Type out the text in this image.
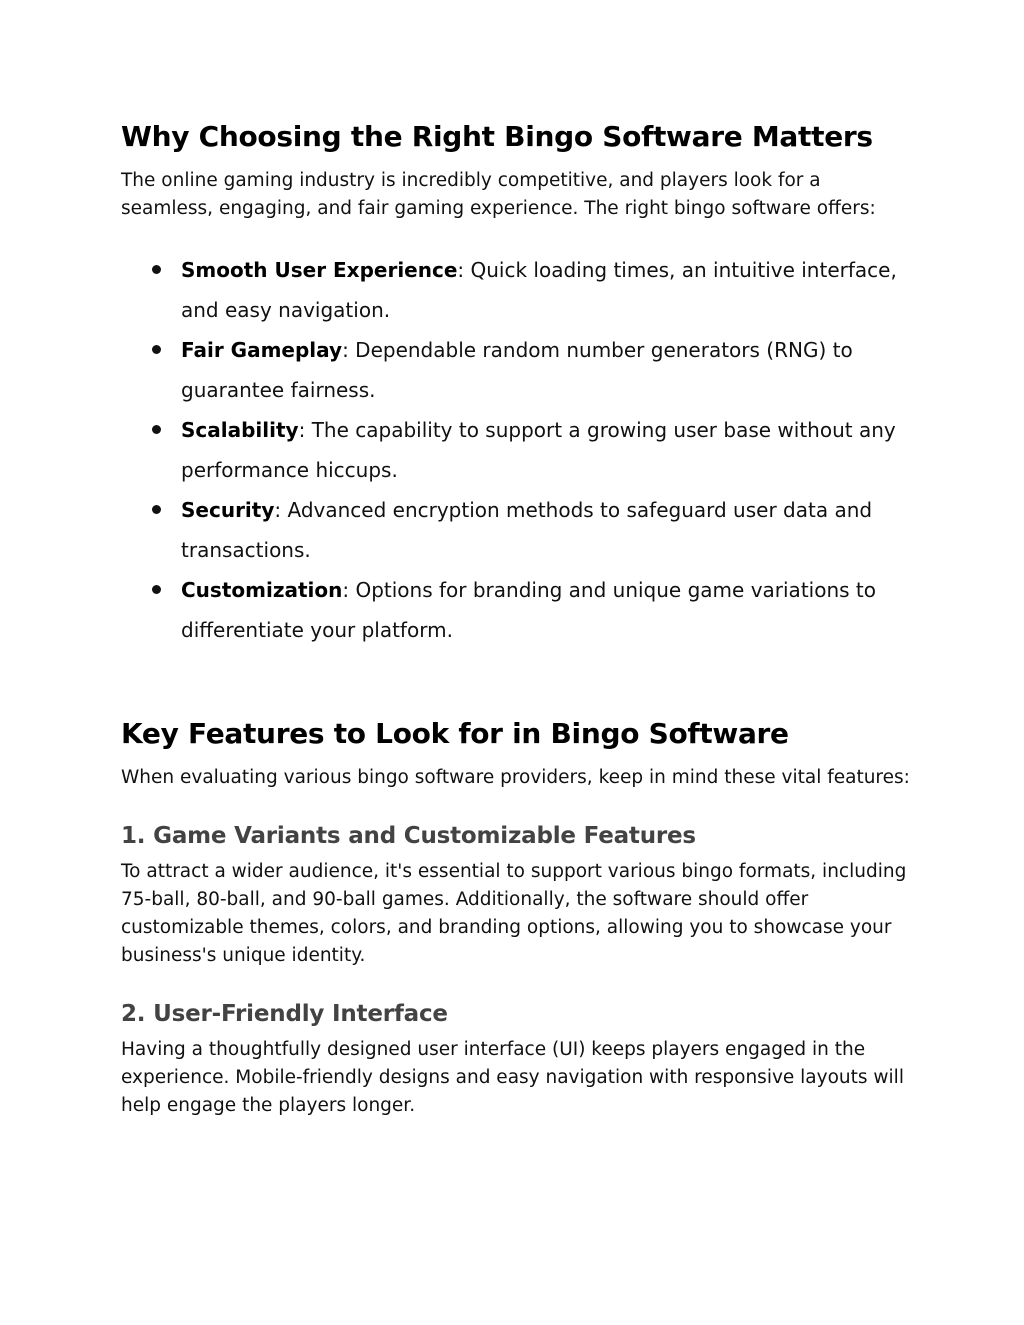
Why Choosing the Right Bingo Software Matters

The online gaming industry is incredibly competitive, and players look for a seamless, engaging, and fair gaming experience. The right bingo software offers:

Smooth User Experience: Quick loading times, an intuitive interface, and easy navigation.
Fair Gameplay: Dependable random number generators (RNG) to guarantee fairness.
Scalability: The capability to support a growing user base without any performance hiccups.
Security: Advanced encryption methods to safeguard user data and transactions.
Customization: Options for branding and unique game variations to differentiate your platform.
Key Features to Look for in Bingo Software

When evaluating various bingo software providers, keep in mind these vital features:

1. Game Variants and Customizable Features

To attract a wider audience, it's essential to support various bingo formats, including 75-ball, 80-ball, and 90-ball games. Additionally, the software should offer customizable themes, colors, and branding options, allowing you to showcase your business's unique identity.

2. User-Friendly Interface

Having a thoughtfully designed user interface (UI) keeps players engaged in the experience. Mobile-friendly designs and easy navigation with responsive layouts will help engage the players longer.
